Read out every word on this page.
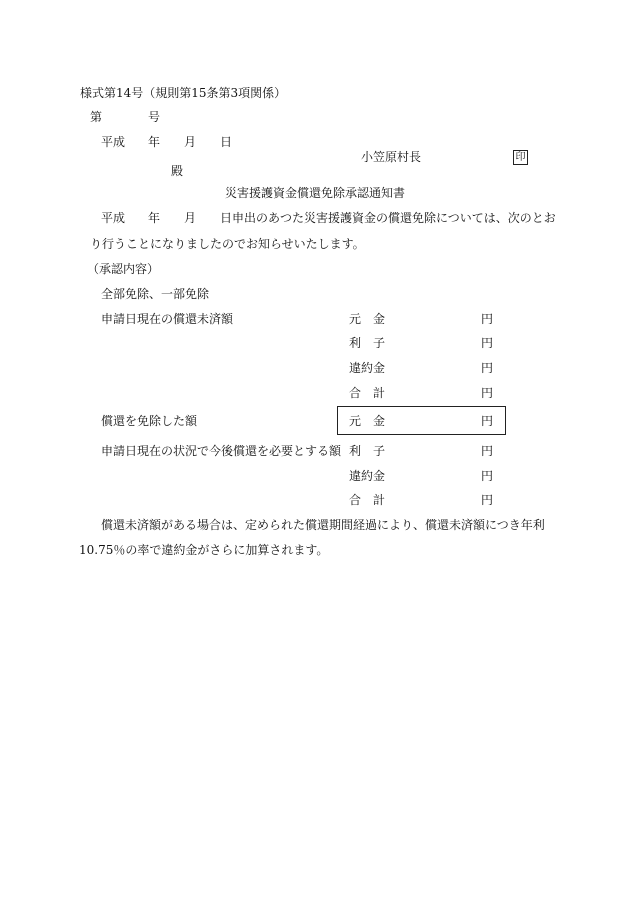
様式第14号（規則第15条第3項関係）
第	号
平成 年 月 日
小笠原村長	印
殿
災害援護資金償還免除承認通知書
平成 年 月 日申出のあつた災害援護資金の償還免除については、次のとお
り行うことになりましたのでお知らせいたします。
（承認内容）
全部免除、一部免除
申請日現在の償還未済額	元　金	円
利　子	円
違約金	円
合　計	円
償還を免除した額	元　金	円
申請日現在の状況で今後償還を必要とする額 利　子	円
違約金	円
合　計	円
償還未済額がある場合は、定められた償還期間経過により、償還未済額につき年利
10.75％の率で違約金がさらに加算されます。
